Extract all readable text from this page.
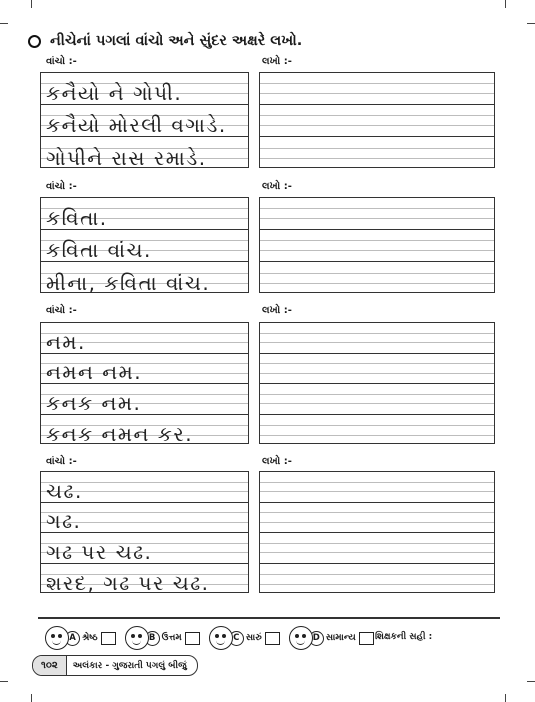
નીચેનાં પગલાં વાંચો અને સુંદર અક્ષરે લખો.
વાંચો :-	લખો :-
કનૈયો ને ગોપી.
કનૈયો મોરલી વગાડે.
ગોપીને રાસ રમાડે.
વાંચો :-	લખો :-
કવિતા.
કવિતા વાંચ.
મીના, કવિતા વાંચ.
વાંચો :-	લખો :-
નમ.
નમન નમ.
કનક નમ.
કનક નમન કર.
વાંચો :-	લખો :-
ચઢ.
ગઢ.
ગઢ પર ચઢ.
શરદ, ગઢ પર ચઢ.
A શ્રેષ્ઠ	B ઉત્તમ	C સારું	D સામાન્ય શિક્ષકની સહી :
૧૦૨	અલંકાર - ગુજરાતી પગલું બીજું
